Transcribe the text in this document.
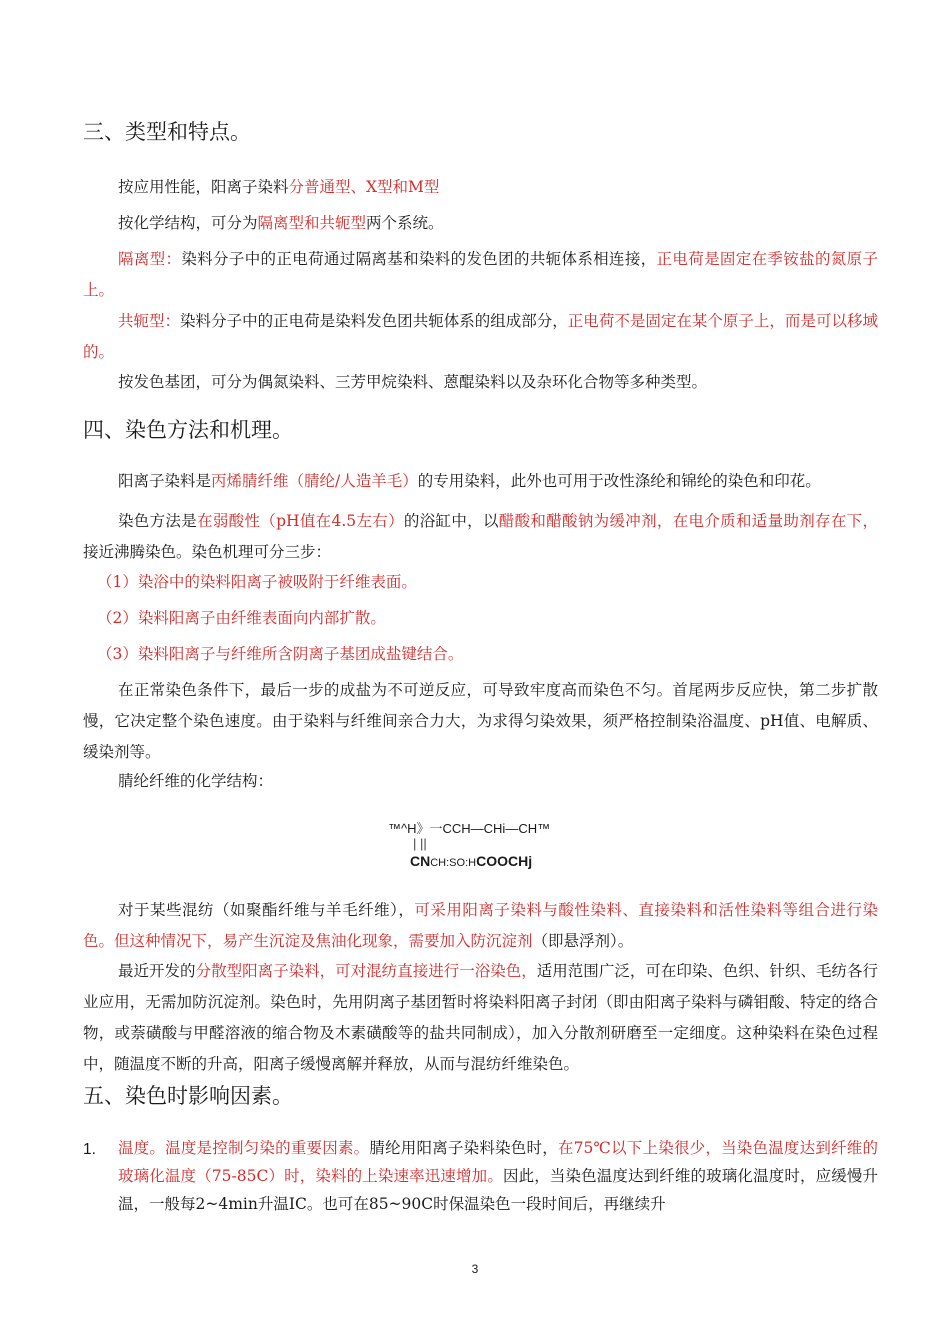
三、类型和特点。
按应用性能，阳离子染料分普通型、X型和M型
按化学结构，可分为隔离型和共轭型两个系统。
隔离型：染料分子中的正电荷通过隔离基和染料的发色团的共轭体系相连接，正电荷是固定在季铵盐的氮原子上。
共轭型：染料分子中的正电荷是染料发色团共轭体系的组成部分，正电荷不是固定在某个原子上，而是可以移域的。
按发色基团，可分为偶氮染料、三芳甲烷染料、蒽醌染料以及杂环化合物等多种类型。
四、染色方法和机理。
阳离子染料是丙烯腈纤维（腈纶/人造羊毛）的专用染料，此外也可用于改性涤纶和锦纶的染色和印花。
染色方法是在弱酸性（pH值在4.5左右）的浴缸中，以醋酸和醋酸钠为缓冲剂，在电介质和适量助剂存在下，接近沸腾染色。染色机理可分三步：
（1）染浴中的染料阳离子被吸附于纤维表面。
（2）染料阳离子由纤维表面向内部扩散。
（3）染料阳离子与纤维所含阴离子基团成盐键结合。
在正常染色条件下，最后一步的成盐为不可逆反应，可导致牢度高而染色不匀。首尾两步反应快，第二步扩散慢，它决定整个染色速度。由于染料与纤维间亲合力大，为求得匀染效果，须严格控制染浴温度、pH值、电解质、缓染剂等。
腈纶纤维的化学结构：
™^H》一CCH—CHi—CH™
| ||
CNCH:SO:HCOOCHj
对于某些混纺（如聚酯纤维与羊毛纤维），可采用阳离子染料与酸性染料、直接染料和活性染料等组合进行染色。但这种情况下，易产生沉淀及焦油化现象，需要加入防沉淀剂（即悬浮剂）。
最近开发的分散型阳离子染料，可对混纺直接进行一浴染色，适用范围广泛，可在印染、色织、针织、毛纺各行业应用，无需加防沉淀剂。染色时，先用阴离子基团暂时将染料阳离子封闭（即由阳离子染料与磷钼酸、特定的络合物，或萘磺酸与甲醛溶液的缩合物及木素磺酸等的盐共同制成），加入分散剂研磨至一定细度。这种染料在染色过程中，随温度不断的升高，阳离子缓慢离解并释放，从而与混纺纤维染色。
五、染色时影响因素。
1. 温度。温度是控制匀染的重要因素。腈纶用阳离子染料染色时，在75℃以下上染很少，当染色温度达到纤维的玻璃化温度（75-85C）时，染料的上染速率迅速增加。因此，当染色温度达到纤维的玻璃化温度时，应缓慢升温，一般每2~4min升温IC。也可在85~90C时保温染色一段时间后，再继续升
3
